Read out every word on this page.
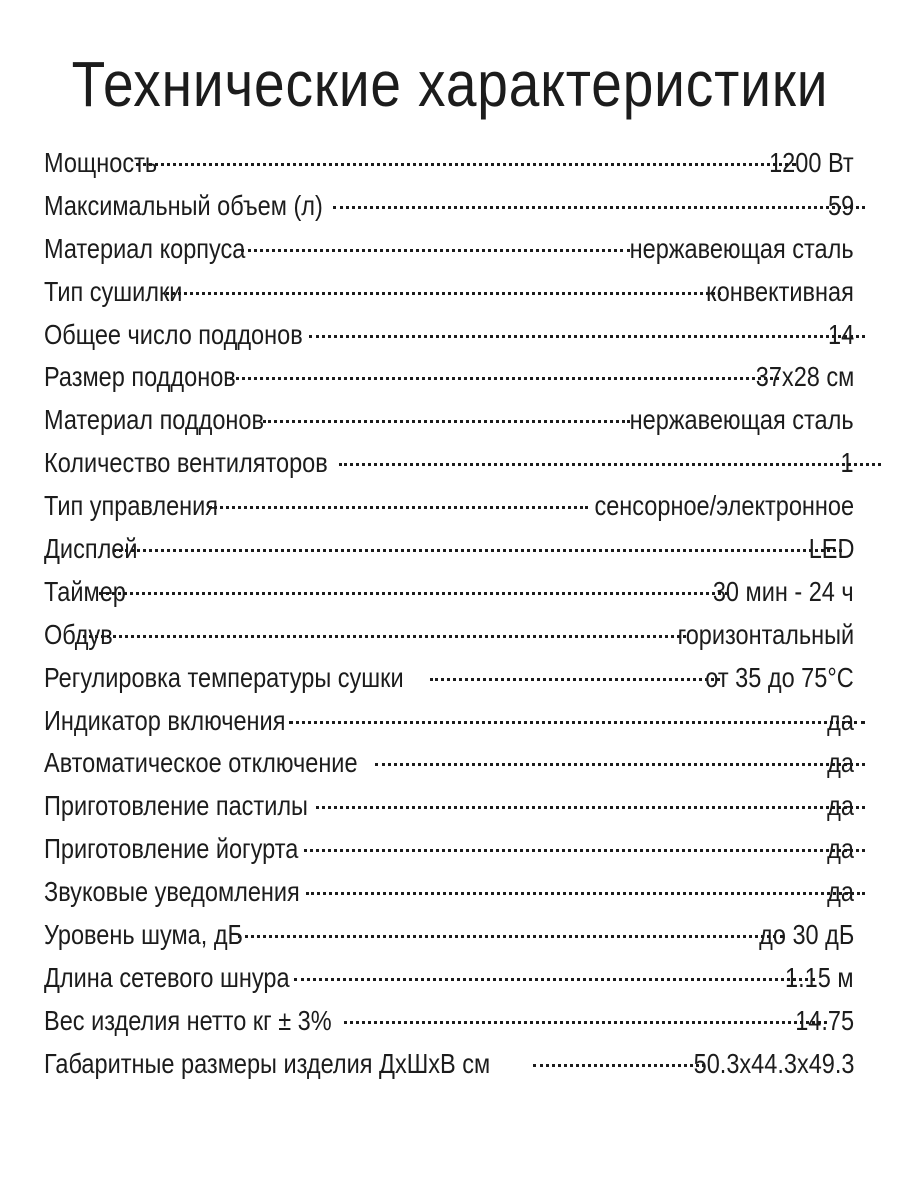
Технические характеристики
Мощность	1200 Вт
Максимальный объем (л)	59
Материал корпуса	нержавеющая сталь
Тип сушилки	конвективная
Общее число поддонов	14
Размер поддонов	37х28 см
Материал поддонов	нержавеющая сталь
Количество вентиляторов	1
Тип управления	сенсорное/электронное
Дисплей	LED
Таймер	30 мин - 24 ч
Обдув	горизонтальный
Регулировка температуры сушки	от 35 до 75°С
Индикатор включения	да
Автоматическое отключение	да
Приготовление пастилы	да
Приготовление йогурта	да
Звуковые уведомления	да
Уровень шума, дБ	до 30 дБ
Длина сетевого шнура	1.15 м
Вес изделия нетто кг ± 3%	14.75
Габаритные размеры изделия ДхШхВ см	50.3х44.3х49.3
